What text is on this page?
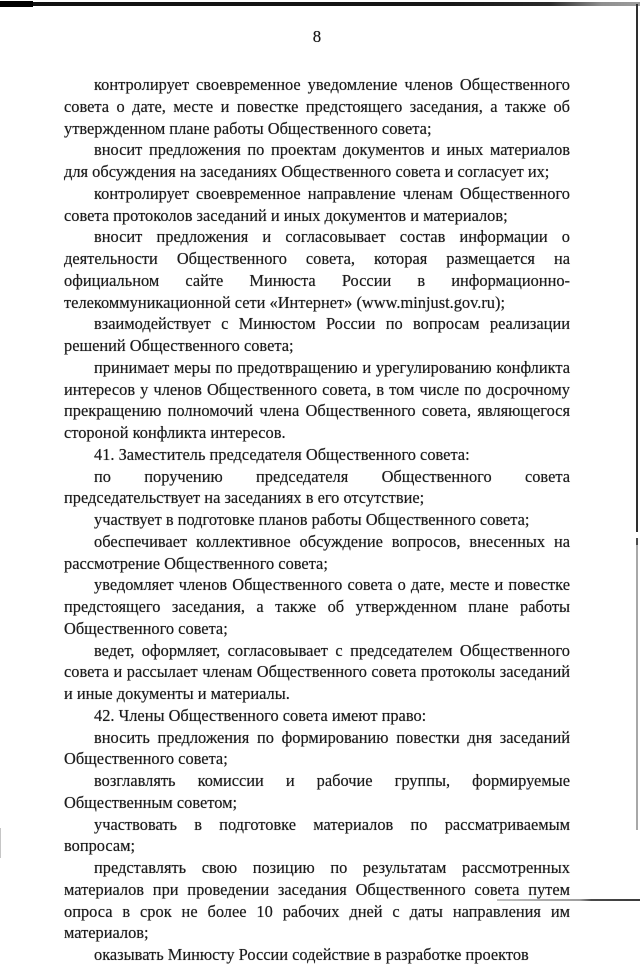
8

контролирует своевременное уведомление членов Общественного совета о дате, месте и повестке предстоящего заседания, а также об утвержденном плане работы Общественного совета;

вносит предложения по проектам документов и иных материалов для обсуждения на заседаниях Общественного совета и согласует их;

контролирует своевременное направление членам Общественного совета протоколов заседаний и иных документов и материалов;

вносит предложения и согласовывает состав информации о деятельности Общественного совета, которая размещается на официальном сайте Минюста России в информационно-телекоммуникационной сети «Интернет» (www.minjust.gov.ru);

взаимодействует с Минюстом России по вопросам реализации решений Общественного совета;

принимает меры по предотвращению и урегулированию конфликта интересов у членов Общественного совета, в том числе по досрочному прекращению полномочий члена Общественного совета, являющегося стороной конфликта интересов.

41. Заместитель председателя Общественного совета:

по поручению председателя Общественного совета председательствует на заседаниях в его отсутствие;

участвует в подготовке планов работы Общественного совета;

обеспечивает коллективное обсуждение вопросов, внесенных на рассмотрение Общественного совета;

уведомляет членов Общественного совета о дате, месте и повестке предстоящего заседания, а также об утвержденном плане работы Общественного совета;

ведет, оформляет, согласовывает с председателем Общественного совета и рассылает членам Общественного совета протоколы заседаний и иные документы и материалы.

42. Члены Общественного совета имеют право:

вносить предложения по формированию повестки дня заседаний Общественного совета;

возглавлять комиссии и рабочие группы, формируемые Общественным советом;

участвовать в подготовке материалов по рассматриваемым вопросам;

представлять свою позицию по результатам рассмотренных материалов при проведении заседания Общественного совета путем опроса в срок не более 10 рабочих дней с даты направления им материалов;

оказывать Минюсту России содействие в разработке проектов
